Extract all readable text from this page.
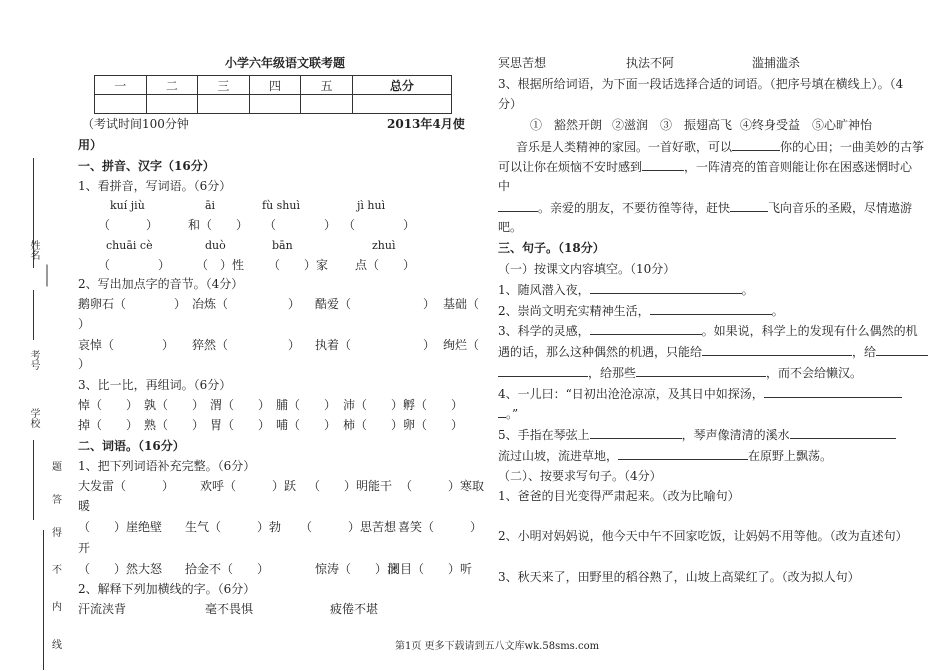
姓名
考号
学校
题
答
得
不
内
线
小学六年级语文联考题
一	二	三	四	五	总分

（考试时间100分钟	2013年4月使
用）
一、拼音、汉字（16分）
1、看拼音，写词语。（6分）
kuí jiù	āi	fù shuì	jì huì
（　　　） 和（　　） （　　　　） （　　　　）
chuāi cè	duò	bān	zhuì
（　　　　） （　）性 （　　）家 点（　　）
2、写出加点字的音节。（4分）
鹅卵石（　　　　） 冶炼（　　　　　） 酷爱（　　　　　　） 基础（
）
哀悼（　　　　） 猝然（　　　　　） 执着（　　　　　　） 绚烂（
）
3、比一比，再组词。（6分）
悼（　　） 孰（　　） 渭（　　） 脯（　　） 沛（　　） 孵（　　）
掉（　　） 熟（　　） 胃（　　） 哺（　　） 柿（　　） 卵（　　）
二、词语。（16分）
1、把下列词语补充完整。（6分）
大发雷（　　　） 欢呼（　　　）跃 （　　）明能干 （　　　）寒取
暖
（　　）崖绝壁 生气（　　　）勃 （　　　）思苦想 喜笑（　　　）
开
（　　）然大怒 拾金不（　　）	惊涛（　　）浪
闭目（　　）听
2、解释下列加横线的字。（6分）
汗流浃背	毫不畏惧	疲倦不堪
冥思苦想	执法不阿	滥捕滥杀
3、根据所给词语，为下面一段话选择合适的词语。（把序号填在横线上）。（4
分）
①　豁然开朗 ②滋润 ③　振翅高飞 ④终身受益 ⑤心旷神怡
音乐是人类精神的家园。一首好歌，可以	你的心田；一曲美妙的古筝
可以让你在烦恼不安时感到	，一阵清亮的笛音则能让你在困惑迷惘时心
中
。亲爱的朋友，不要彷徨等待，赶快	飞向音乐的圣殿，尽情遨游
吧。
三、句子。（18分）
（一）按课文内容填空。（10分）
1、随风潜入夜，	。
2、崇尚文明充实精神生活，	。
3、科学的灵感，	。如果说，科学上的发现有什么偶然的机
遇的话，那么这种偶然的机遇，只能给	，给
，给那些	，而不会给懒汉。
4、一儿曰：“日初出沧沧凉凉，及其日中如探汤，
。”
5、手指在琴弦上	，琴声像清清的溪水
流过山坡，流进草地，	在原野上飘荡。
（二）、按要求写句子。（4分）
1、爸爸的目光变得严肃起来。（改为比喻句）
2、小明对妈妈说，他今天中午不回家吃饭，让妈妈不用等他。（改为直述句）
3、秋天来了，田野里的稻谷熟了，山坡上高粱红了。（改为拟人句）
第1页 更多下载请到五八文库wk.58sms.com
